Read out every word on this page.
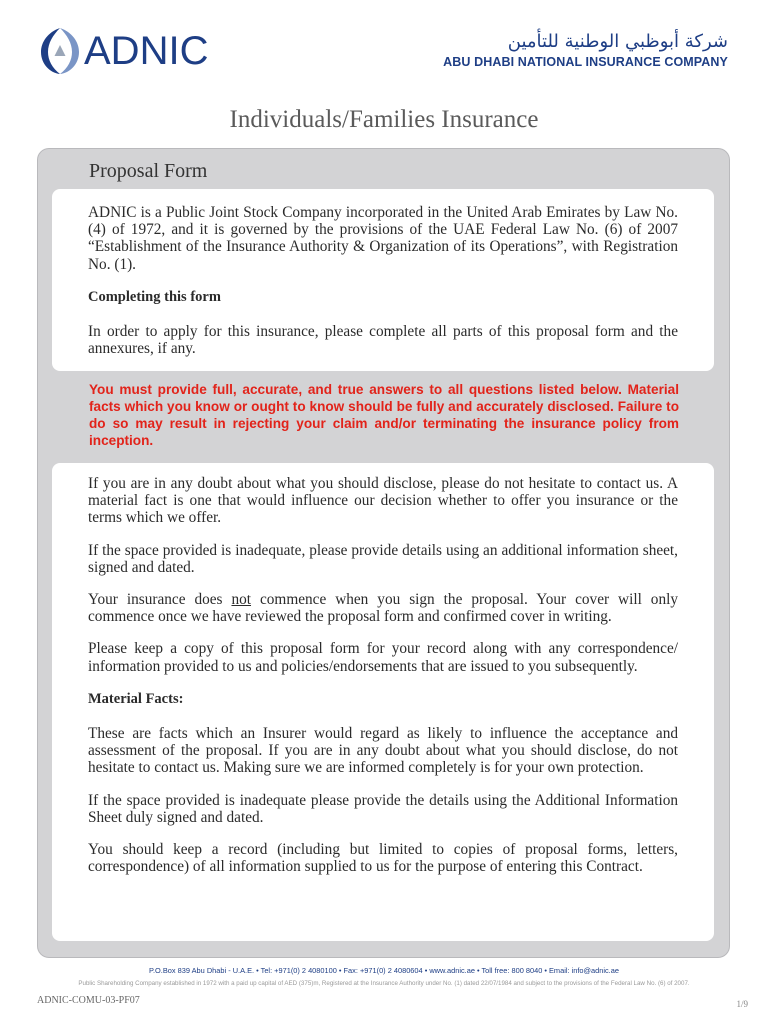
ADNIC	شركة أبوظبي الوطنية للتأمين
ABU DHABI NATIONAL INSURANCE COMPANY
Individuals/Families Insurance
Proposal Form

ADNIC is a Public Joint Stock Company incorporated in the United Arab Emirates by Law No. (4) of 1972, and it is governed by the provisions of the UAE Federal Law No. (6) of 2007 “Establishment of the Insurance Authority & Organization of its Operations”, with Registration No. (1).

Completing this form

In order to apply for this insurance, please complete all parts of this proposal form and the annexures, if any.

You must provide full, accurate, and true answers to all questions listed below. Material facts which you know or ought to know should be fully and accurately disclosed. Failure to do so may result in rejecting your claim and/or terminating the insurance policy from inception.

If you are in any doubt about what you should disclose, please do not hesitate to contact us. A material fact is one that would influence our decision whether to offer you insurance or the terms which we offer.

If the space provided is inadequate, please provide details using an additional information sheet, signed and dated.

Your insurance does not commence when you sign the proposal. Your cover will only commence once we have reviewed the proposal form and confirmed cover in writing.

Please keep a copy of this proposal form for your record along with any correspondence/ information provided to us and policies/endorsements that are issued to you subsequently.

Material Facts:

These are facts which an Insurer would regard as likely to influence the acceptance and assessment of the proposal. If you are in any doubt about what you should disclose, do not hesitate to contact us. Making sure we are informed completely is for your own protection.

If the space provided is inadequate please provide the details using the Additional Information Sheet duly signed and dated.

You should keep a record (including but limited to copies of proposal forms, letters, correspondence) of all information supplied to us for the purpose of entering this Contract.

P.O.Box 839 Abu Dhabi - U.A.E. • Tel: +971(0) 2 4080100 • Fax: +971(0) 2 4080604 • www.adnic.ae • Toll free: 800 8040 • Email: info@adnic.ae
Public Shareholding Company established in 1972 with a paid up capital of AED (375)m, Registered at the Insurance Authority under No. (1) dated 22/07/1984 and subject to the provisions of the Federal Law No. (6) of 2007.
ADNIC-COMU-03-PF07	1/9
